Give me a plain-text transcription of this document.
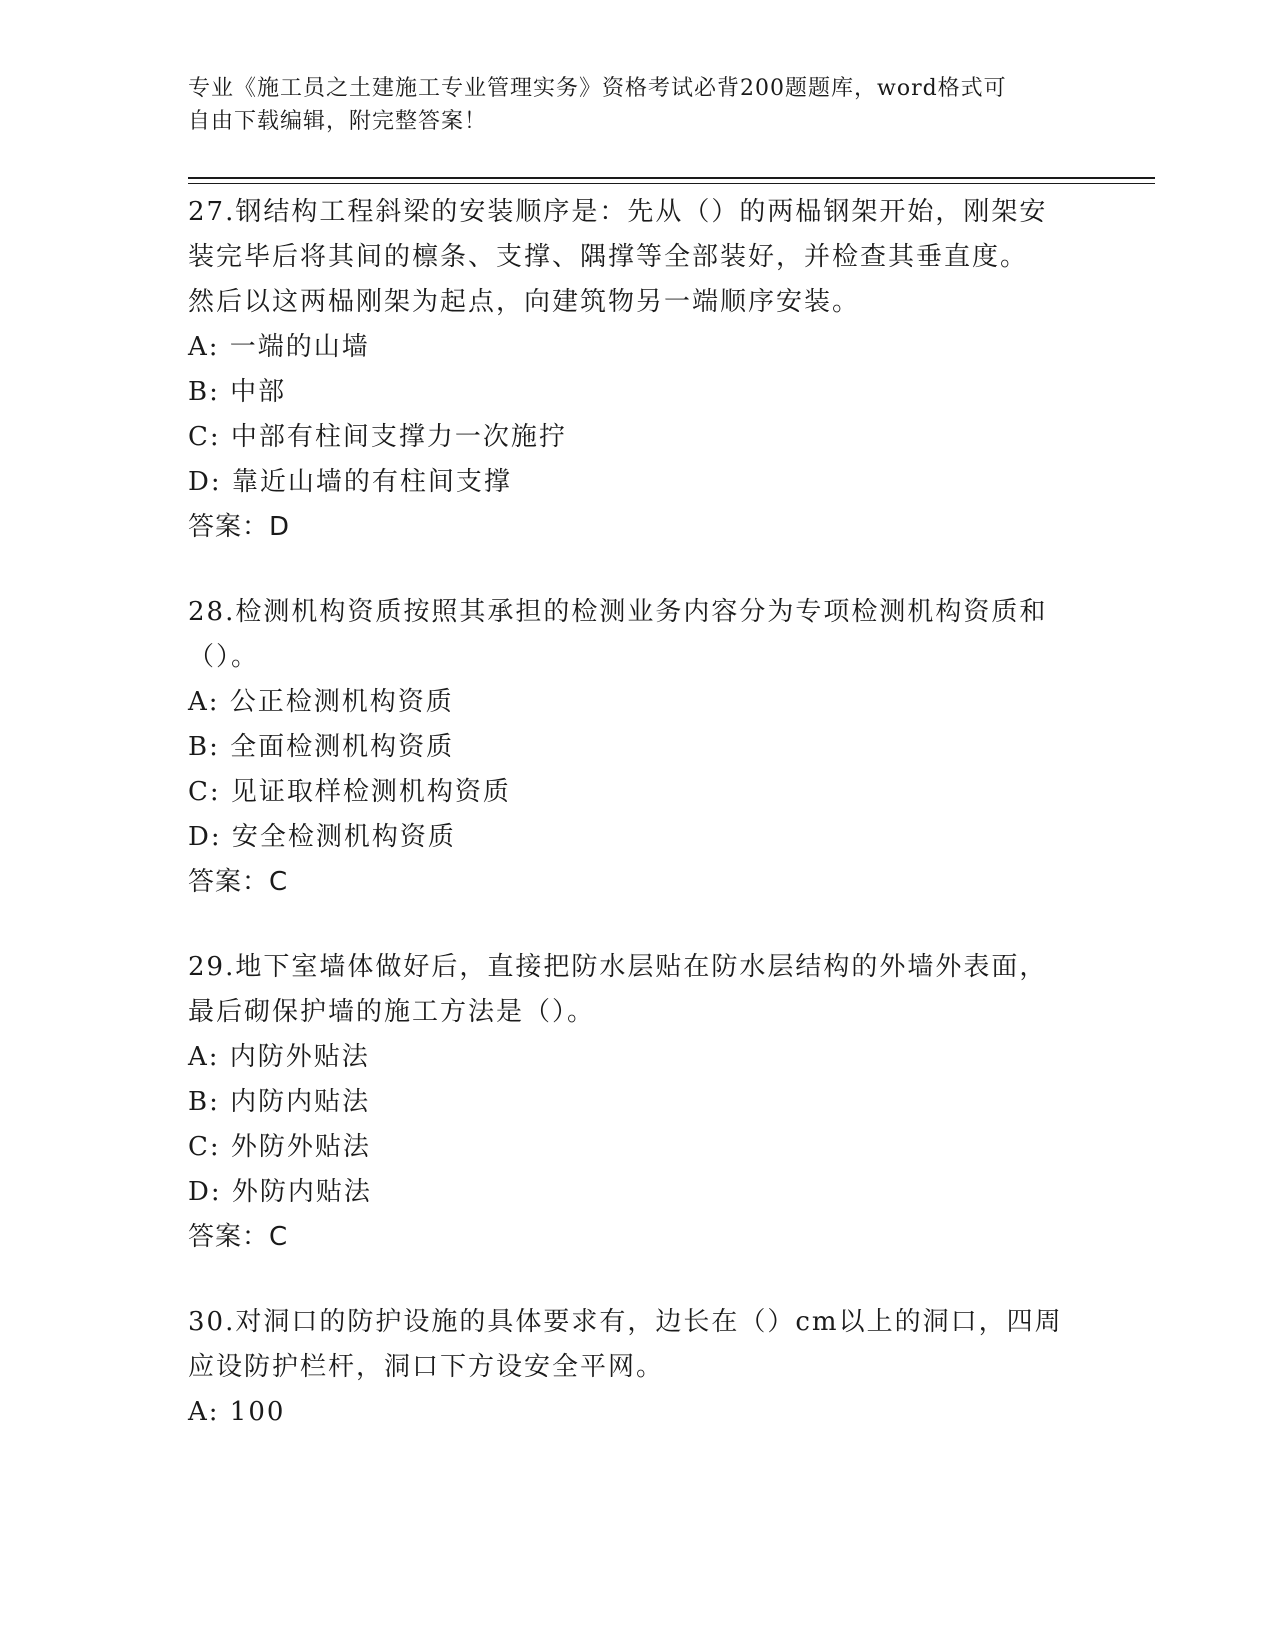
专业《施工员之土建施工专业管理实务》资格考试必背200题题库，word格式可
自由下载编辑，附完整答案！
27.钢结构工程斜梁的安装顺序是：先从（）的两榀钢架开始，刚架安
装完毕后将其间的檩条、支撑、隅撑等全部装好，并检查其垂直度。
然后以这两榀刚架为起点，向建筑物另一端顺序安装。
A: 一端的山墙
B: 中部
C: 中部有柱间支撑力一次施拧
D: 靠近山墙的有柱间支撑
答案：D
28.检测机构资质按照其承担的检测业务内容分为专项检测机构资质和
（）。
A: 公正检测机构资质
B: 全面检测机构资质
C: 见证取样检测机构资质
D: 安全检测机构资质
答案：C
29.地下室墙体做好后，直接把防水层贴在防水层结构的外墙外表面，
最后砌保护墙的施工方法是（）。
A: 内防外贴法
B: 内防内贴法
C: 外防外贴法
D: 外防内贴法
答案：C
30.对洞口的防护设施的具体要求有，边长在（）cm以上的洞口，四周
应设防护栏杆，洞口下方设安全平网。
A: 100
